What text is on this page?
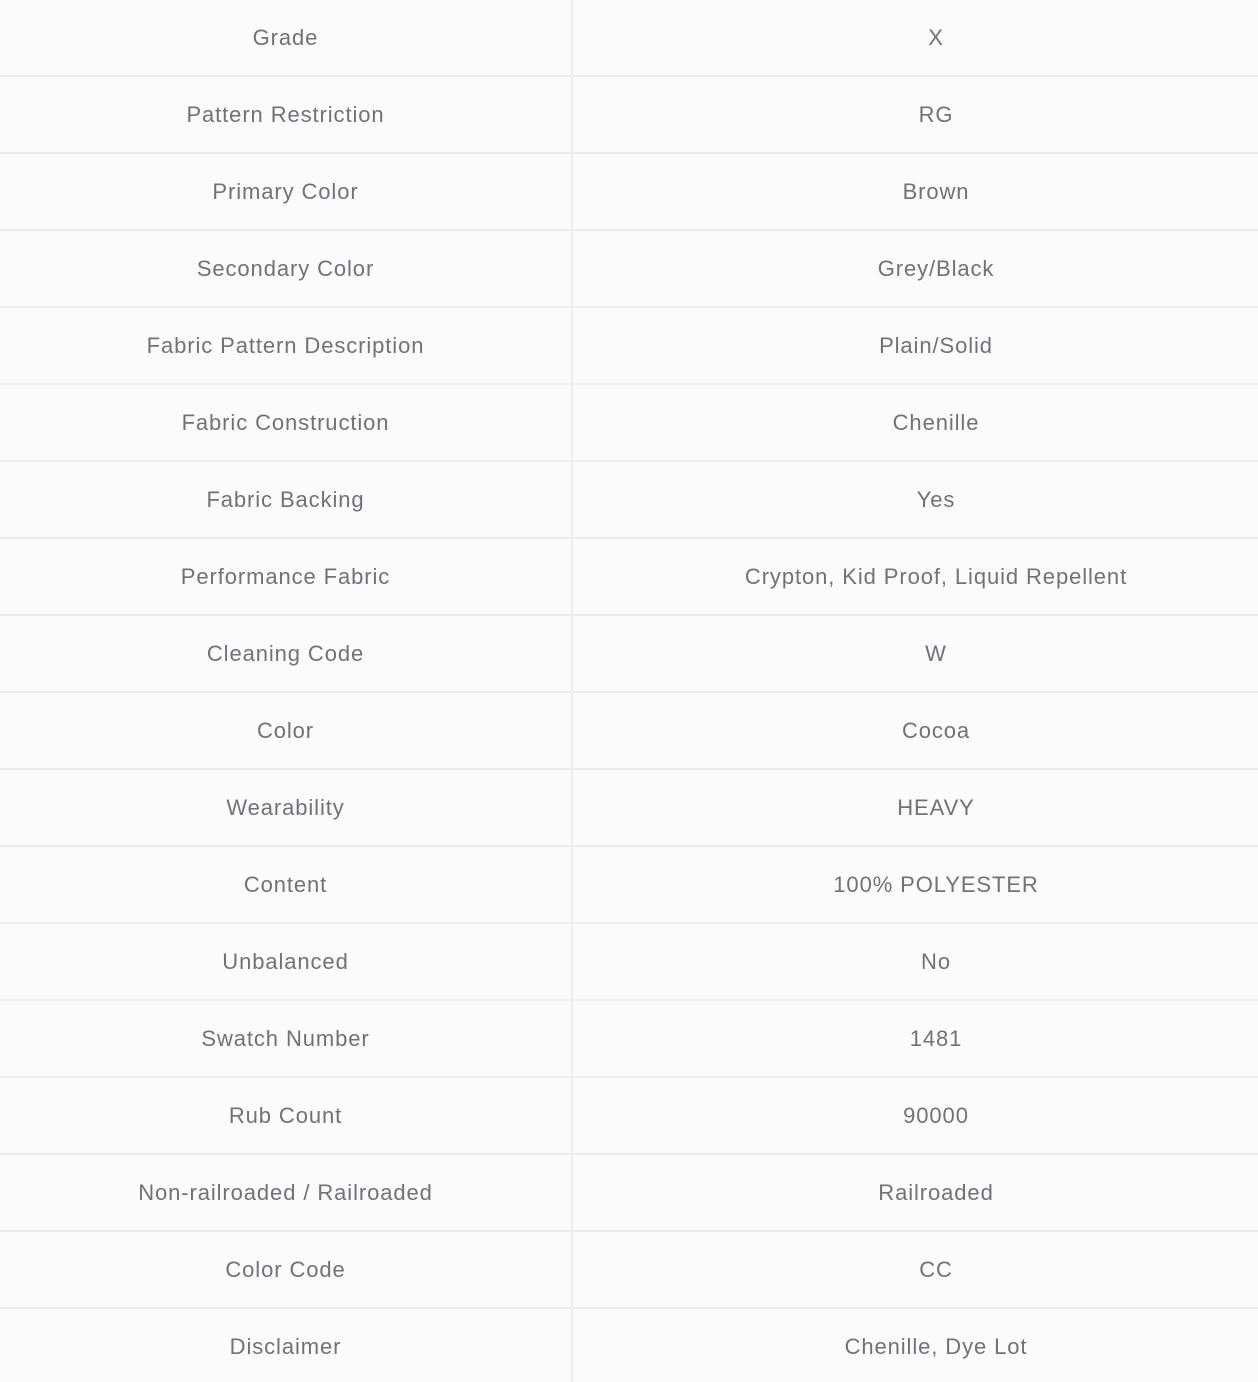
Grade	X
Pattern Restriction	RG
Primary Color	Brown
Secondary Color	Grey/Black
Fabric Pattern Description	Plain/Solid
Fabric Construction	Chenille
Fabric Backing	Yes
Performance Fabric	Crypton, Kid Proof, Liquid Repellent
Cleaning Code	W
Color	Cocoa
Wearability	HEAVY
Content	100% POLYESTER
Unbalanced	No
Swatch Number	1481
Rub Count	90000
Non-railroaded / Railroaded	Railroaded
Color Code	CC
Disclaimer	Chenille, Dye Lot
